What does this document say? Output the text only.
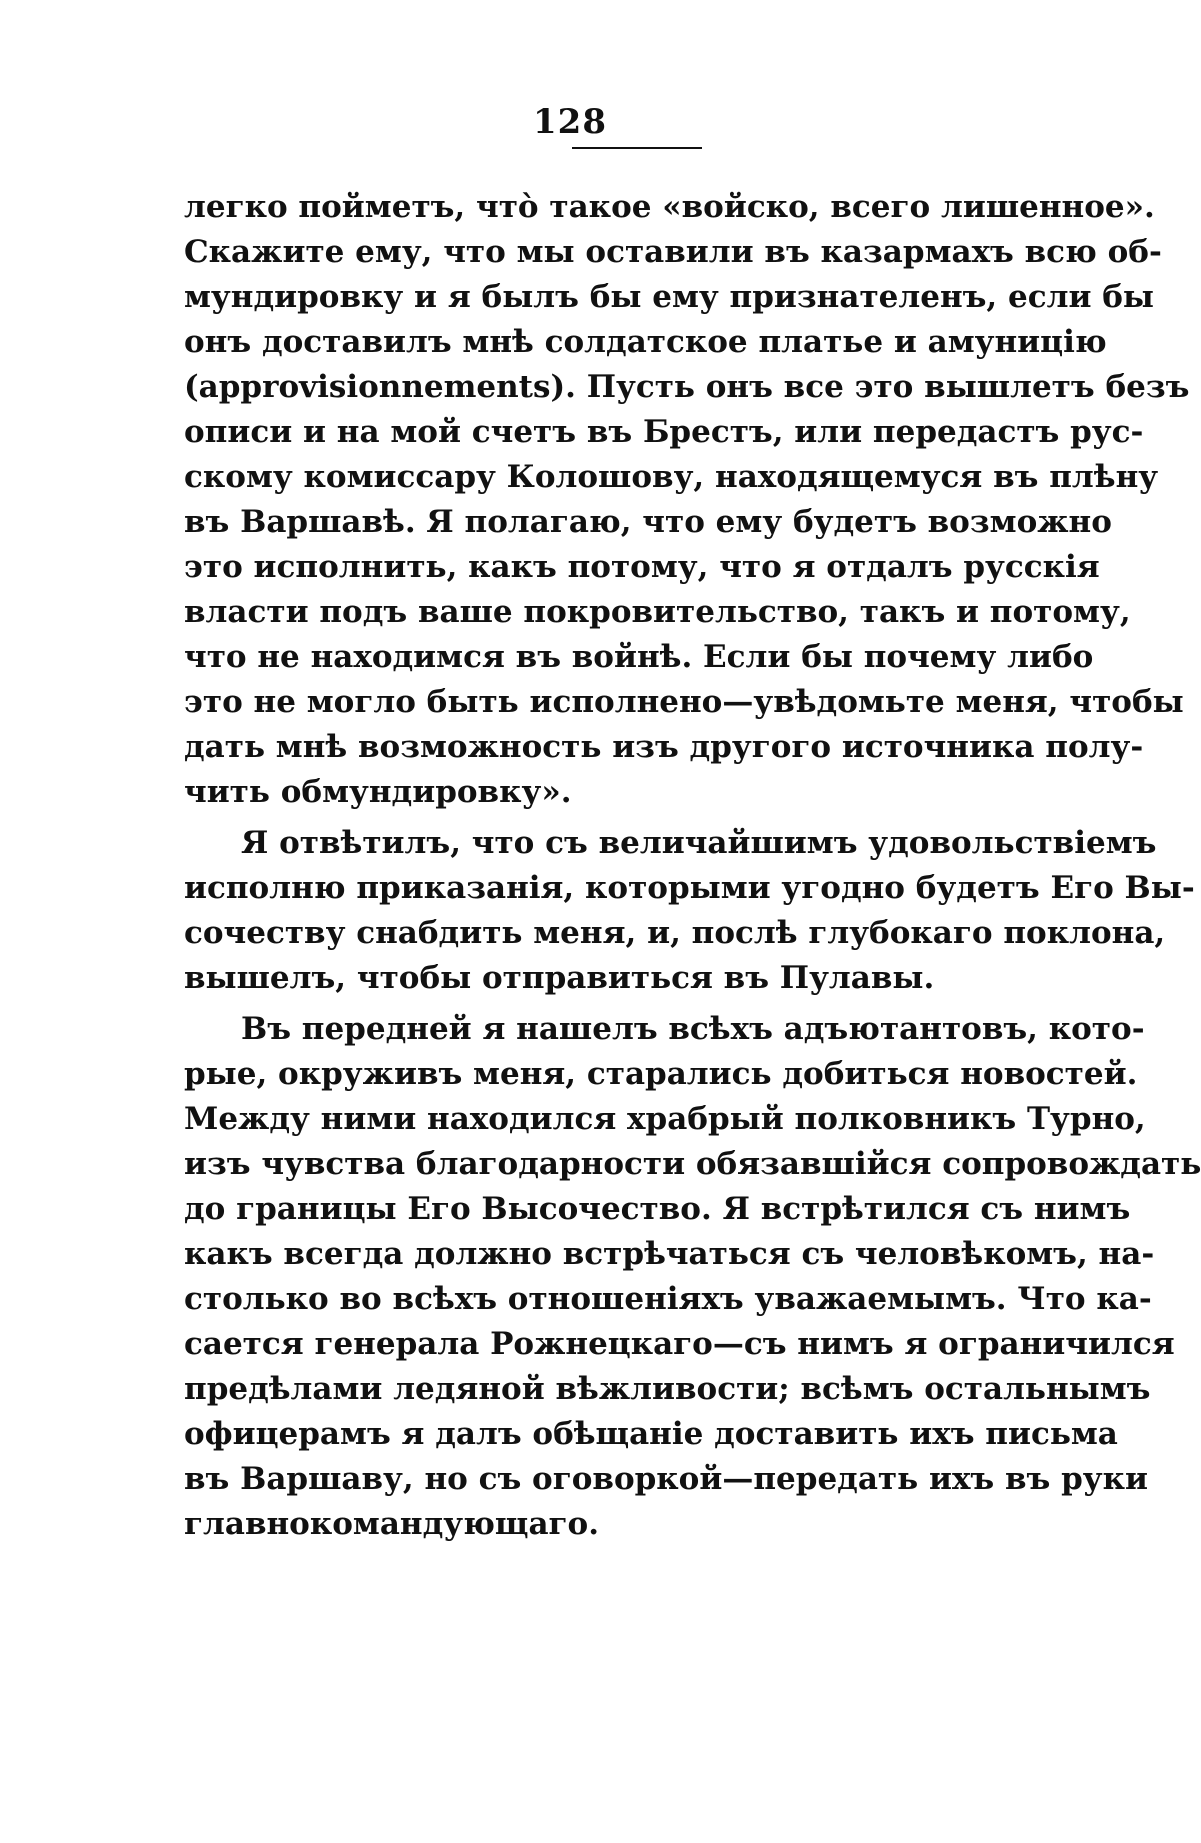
128
легко пойметъ, что̀ такое «войско, всего лишенное».
Скажите ему, что мы оставили въ казармахъ всю об-
мундировку и я былъ бы ему признателенъ, если бы
онъ доставилъ мнѣ солдатское платье и амуницію
(approvisionnements). Пусть онъ все это вышлетъ безъ
описи и на мой счетъ въ Брестъ, или передастъ рус-
скому комиссару Колошову, находящемуся въ плѣну
въ Варшавѣ. Я полагаю, что ему будетъ возможно
это исполнить, какъ потому, что я отдалъ русскія
власти подъ ваше покровительство, такъ и потому,
что не находимся въ войнѣ. Если бы почему либо
это не могло быть исполнено—увѣдомьте меня, чтобы
дать мнѣ возможность изъ другого источника полу-
чить обмундировку».
Я отвѣтилъ, что съ величайшимъ удовольствіемъ
исполню приказанія, которыми угодно будетъ Его Вы-
сочеству снабдить меня, и, послѣ глубокаго поклона,
вышелъ, чтобы отправиться въ Пулавы.
Въ передней я нашелъ всѣхъ адъютантовъ, кото-
рые, окруживъ меня, старались добиться новостей.
Между ними находился храбрый полковникъ Турно,
изъ чувства благодарности обязавшійся сопровождать
до границы Его Высочество. Я встрѣтился съ нимъ
какъ всегда должно встрѣчаться съ человѣкомъ, на-
столько во всѣхъ отношеніяхъ уважаемымъ. Что ка-
сается генерала Рожнецкаго—съ нимъ я ограничился
предѣлами ледяной вѣжливости; всѣмъ остальнымъ
офицерамъ я далъ обѣщаніе доставить ихъ письма
въ Варшаву, но съ оговоркой—передать ихъ въ руки
главнокомандующаго.
